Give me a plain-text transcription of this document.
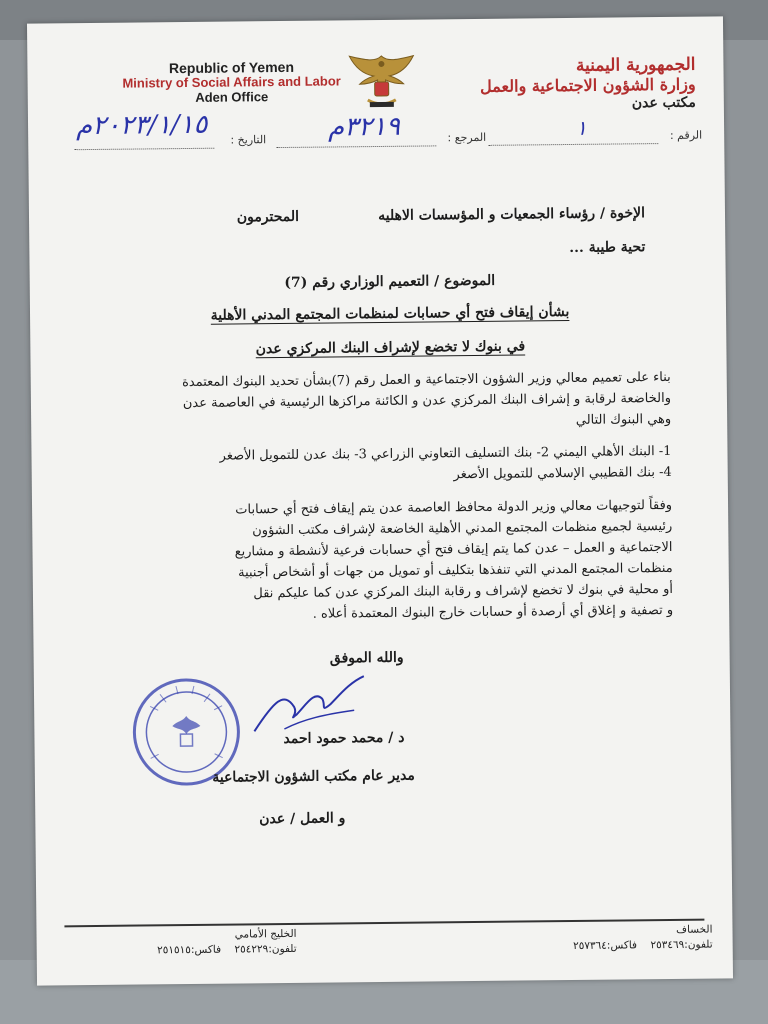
Republic of Yemen
Ministry of Social Affairs and Labor
Aden Office
الجمهورية اليمنية
وزارة الشؤون الاجتماعية والعمل
مكتب عدن
الرقم :
١
المرجع :
٣٢١٩م
التاريخ :
٢٠٢٣/١/١٥م
الإخوة / رؤساء الجمعيات و المؤسسات الاهليه
المحترمون
تحية طيبة ...
الموضوع / التعميم الوزاري رقم (7)
بشأن إيقاف فتح أي حسابات لمنظمات المجتمع المدني الأهلية
في بنوك لا تخضع لإشراف البنك المركزي عدن
بناء على تعميم معالي وزير الشؤون الاجتماعية و العمل رقم (7)بشأن تحديد البنوك المعتمدة
والخاضعة لرقابة و إشراف البنك المركزي عدن و الكائنة مراكزها الرئيسية في العاصمة عدن
وهي البنوك التالي
1- البنك الأهلي اليمني 2- بنك التسليف التعاوني الزراعي 3- بنك عدن للتمويل الأصغر
4- بنك القطيبي الإسلامي للتمويل الأصغر
وفقاً لتوجيهات معالي وزير الدولة محافظ العاصمة عدن يتم إيقاف فتح أي حسابات
رئيسية لجميع منظمات المجتمع المدني الأهلية الخاضعة لإشراف مكتب الشؤون
الاجتماعية و العمل – عدن كما يتم إيقاف فتح أي حسابات فرعية لأنشطة و مشاريع
منظمات المجتمع المدني التي تنفذها بتكليف أو تمويل من جهات أو أشخاص أجنبية
أو محلية في بنوك لا تخضع لإشراف و رقابة البنك المركزي عدن كما عليكم نقل
و تصفية و إغلاق أي أرصدة أو حسابات خارج البنوك المعتمدة أعلاه .
والله الموفق
د / محمد حمود احمد
مدير عام مكتب الشؤون الاجتماعية
و العمل / عدن
الخساف
تلفون:٢٥٣٤٦٩    فاكس:٢٥٧٣٦٤
الخليج الأمامي
تلفون:٢٥٤٢٢٩    فاكس:٢٥١٥١٥
